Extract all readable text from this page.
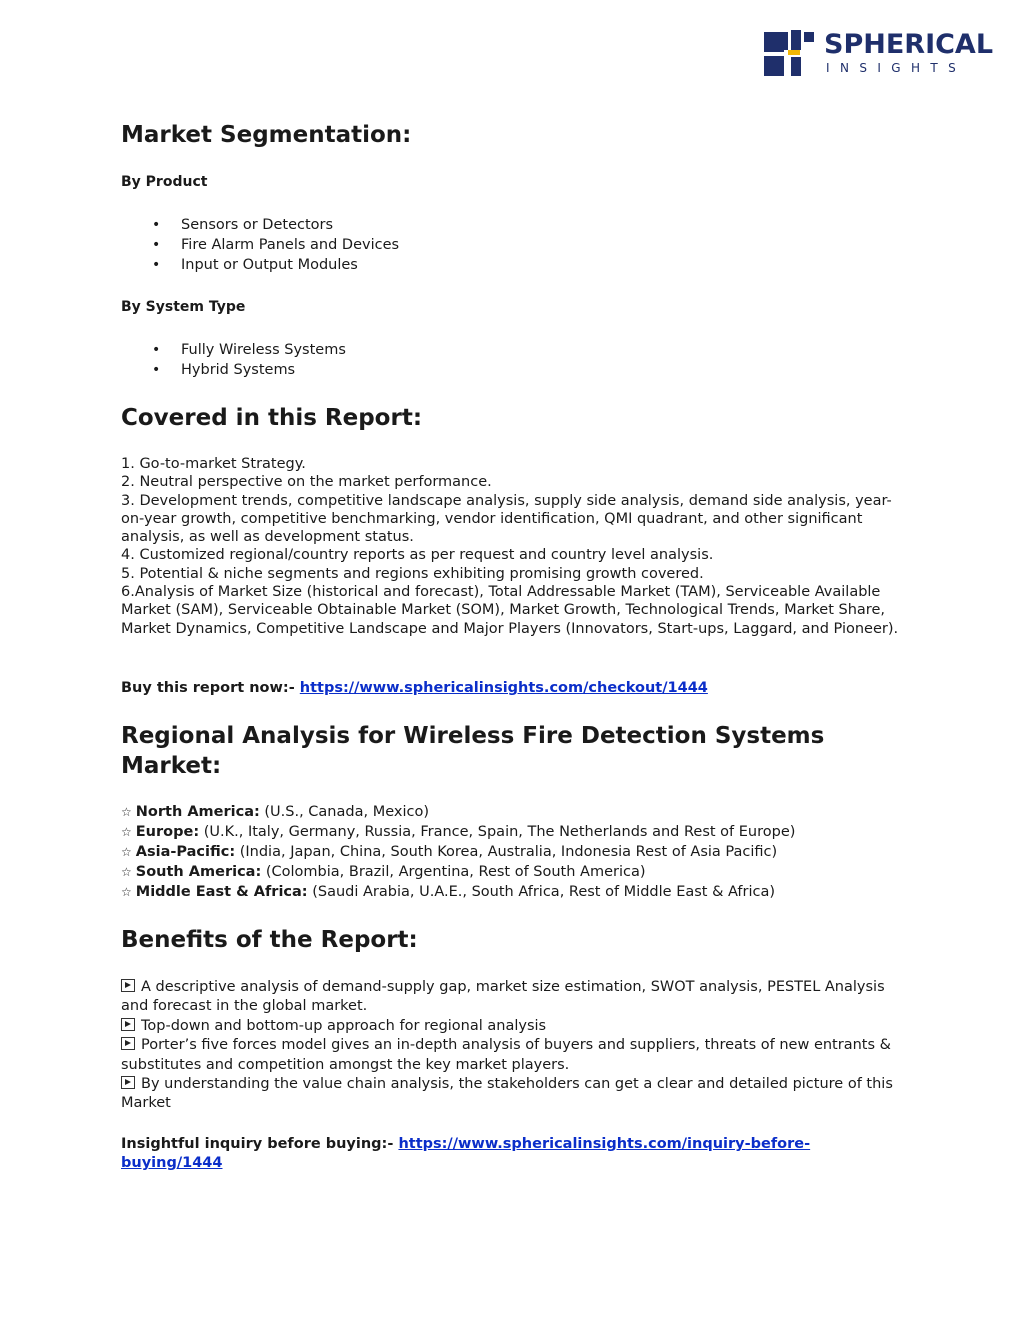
SPHERICAL
INSIGHTS
Market Segmentation:
By Product
• Sensors or Detectors
• Fire Alarm Panels and Devices
• Input or Output Modules
By System Type
• Fully Wireless Systems
• Hybrid Systems
Covered in this Report:
1. Go-to-market Strategy.
2. Neutral perspective on the market performance.
3. Development trends, competitive landscape analysis, supply side analysis, demand side analysis, year-on-year growth, competitive benchmarking, vendor identification, QMI quadrant, and other significant analysis, as well as development status.
4. Customized regional/country reports as per request and country level analysis.
5. Potential & niche segments and regions exhibiting promising growth covered.
6.Analysis of Market Size (historical and forecast), Total Addressable Market (TAM), Serviceable Available Market (SAM), Serviceable Obtainable Market (SOM), Market Growth, Technological Trends, Market Share, Market Dynamics, Competitive Landscape and Major Players (Innovators, Start-ups, Laggard, and Pioneer).
Buy this report now:- https://www.sphericalinsights.com/checkout/1444
Regional Analysis for Wireless Fire Detection Systems Market:
☆ North America: (U.S., Canada, Mexico)
☆ Europe: (U.K., Italy, Germany, Russia, France, Spain, The Netherlands and Rest of Europe)
☆ Asia-Pacific: (India, Japan, China, South Korea, Australia, Indonesia Rest of Asia Pacific)
☆ South America: (Colombia, Brazil, Argentina, Rest of South America)
☆ Middle East & Africa: (Saudi Arabia, U.A.E., South Africa, Rest of Middle East & Africa)
Benefits of the Report:
A descriptive analysis of demand-supply gap, market size estimation, SWOT analysis, PESTEL Analysis and forecast in the global market.
Top-down and bottom-up approach for regional analysis
Porter’s five forces model gives an in-depth analysis of buyers and suppliers, threats of new entrants & substitutes and competition amongst the key market players.
By understanding the value chain analysis, the stakeholders can get a clear and detailed picture of this Market
Insightful inquiry before buying:- https://www.sphericalinsights.com/inquiry-before-buying/1444
